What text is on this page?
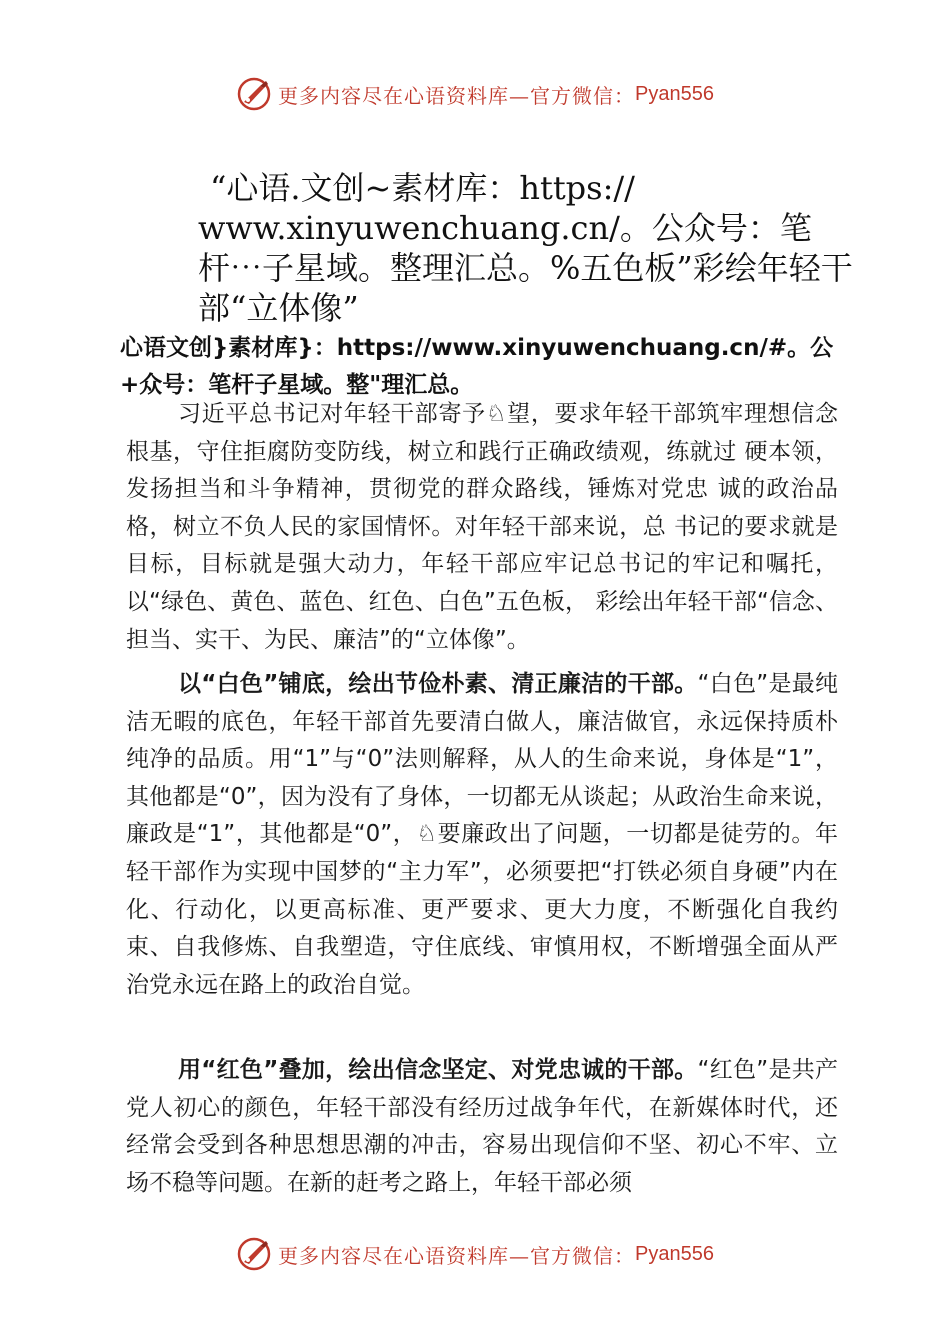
更多内容尽在心语资料库 —官方微信： Pyan556
“心语.文创~素材库：https://
www.xinyuwenchuang.cn/。公众号：笔杆⋯子星域。整理汇总。%五色板”彩绘年轻干部“立体像”

心语文创}素材库}：https://www.xinyuwenchuang.cn/#。公+众号：笔杆子星域。整"理汇总。

习近平总书记对年轻干部寄予♘望，要求年轻干部筑牢理想信念根基，守住拒腐防变防线，树立和践行正确政绩观，练就过 硬本领，发扬担当和斗争精神，贯彻党的群众路线，锤炼对党忠 诚的政治品格，树立不负人民的家国情怀。对年轻干部来说，总 书记的要求就是目标，目标就是强大动力，年轻干部应牢记总书记的牢记和嘱托，以“绿色、黄色、蓝色、红色、白色”五色板， 彩绘出年轻干部“信念、担当、实干、为民、廉洁”的“立体像”。

以“白色”铺底，绘出节俭朴素、清正廉洁的干部。“白色”是最纯洁无暇的底色，年轻干部首先要清白做人，廉洁做官，永远保持质朴纯净的品质。用“1”与“0”法则解释，从人的生命来说，身体是“1”，其他都是“0”，因为没有了身体，一切都无从谈起；从政治生命来说，廉政是“1”，其他都是“0”，♘要廉政出了问题，一切都是徒劳的。年轻干部作为实现中国梦的“主力军”，必须要把“打铁必须自身硬”内在化、行动化，以更高标准、更严要求、更大力度，不断强化自我约束、自我修炼、自我塑造，守住底线、审慎用权，不断增强全面从严治党永远在路上的政治自觉。

用“红色”叠加，绘出信念坚定、对党忠诚的干部。“红色”是共产党人初心的颜色，年轻干部没有经历过战争年代，在新媒体时代，还经常会受到各种思想思潮的冲击，容易出现信仰不坚、初心不牢、立场不稳等问题。在新的赶考之路上，年轻干部必须

更多内容尽在心语资料库 —官方微信： Pyan556
